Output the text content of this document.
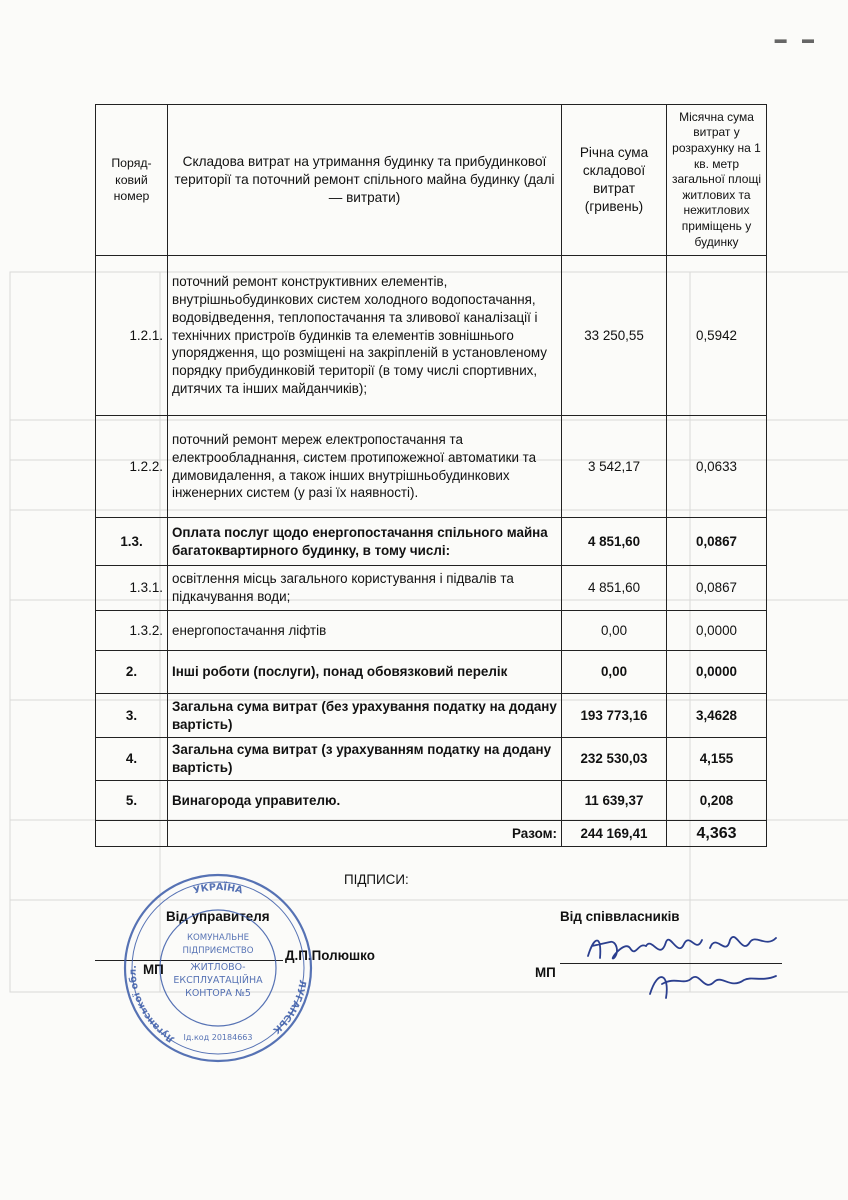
▬ ▬
Поряд-ковий номер	Складова витрат на утримання будинку та прибудинкової території та поточний ремонт спільного майна будинку (далі — витрати)	Річна сума складової витрат (гривень)	Місячна сума витрат у розрахунку на 1 кв. метр загальної площі житлових та нежитлових приміщень у будинку
1.2.1.	поточний ремонт конструктивних елементів, внутрішньобудинкових систем холодного водопостачання, водовідведення, теплопостачання та зливової каналізації і технічних пристроїв будинків та елементів зовнішнього упорядження, що розміщені на закріпленій в установленому порядку прибудинковій території (в тому числі спортивних, дитячих та інших майданчиків);	33 250,55	0,5942
1.2.2.	поточний ремонт мереж електропостачання та електрообладнання, систем протипожежної автоматики та димовидалення, а також інших внутрішньобудинкових інженерних систем (у разі їх наявності).	3 542,17	0,0633
1.3.	Оплата послуг щодо енергопостачання спільного майна багатоквартирного будинку, в тому числі:	4 851,60	0,0867
1.3.1.	освітлення місць загального користування і підвалів та підкачування води;	4 851,60	0,0867
1.3.2.	енергопостачання ліфтів	0,00	0,0000
2.	Інші роботи (послуги), понад обовязковий перелік	0,00	0,0000
3.	Загальна сума витрат (без урахування податку на додану вартість)	193 773,16	3,4628
4.	Загальна сума витрат (з урахуванням податку на додану вартість)	232 530,03	4,155
5.	Винагорода управителю.	11 639,37	0,208
	Разом:	244 169,41	4,363
ПІДПИСИ:
Від управителя	Від співвласників
Д.П.Полюшко
МП	МП
УКРАЇНА
Луганської обл.
ЛУГАНСЬК
КОМУНАЛЬНЕ
ПІДПРИЄМСТВО
ЖИТЛОВО-
ЕКСПЛУАТАЦІЙНА
КОНТОРА №5
Ід.код 20184663
